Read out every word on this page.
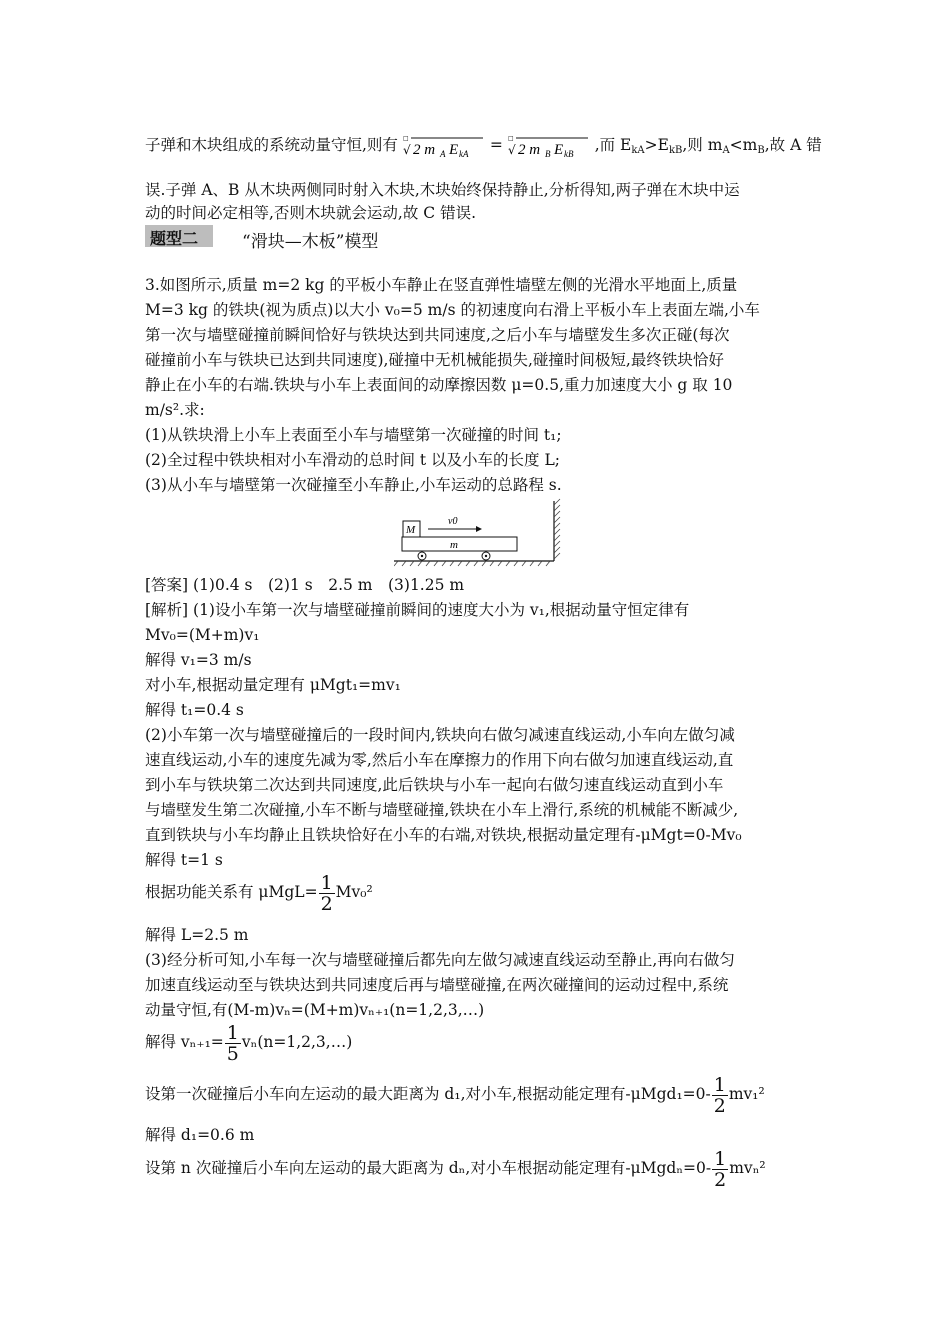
子弹和木块组成的系统动量守恒,则有 □
√ 2 m A E kA = □
√ 2 m B E kB ,而 $E_{kA}>E_{kB}$,则 $m_A<m_B$,故 A 错
误.子弹 A、B 从木块两侧同时射入木块,木块始终保持静止,分析得知,两子弹在木块中运
动的时间必定相等,否则木块就会运动,故 C 错误.
题型二	“滑块—木板”模型
3.如图所示,质量 m=2 kg 的平板小车静止在竖直弹性墙壁左侧的光滑水平地面上,质量
M=3 kg 的铁块(视为质点)以大小 v₀=5 m/s 的初速度向右滑上平板小车上表面左端,小车
第一次与墙壁碰撞前瞬间恰好与铁块达到共同速度,之后小车与墙壁发生多次正碰(每次
碰撞前小车与铁块已达到共同速度),碰撞中无机械能损失,碰撞时间极短,最终铁块恰好
静止在小车的右端.铁块与小车上表面间的动摩擦因数 μ=0.5,重力加速度大小 g 取 10
m/s².求:
(1)从铁块滑上小车上表面至小车与墙壁第一次碰撞的时间 t₁;
(2)全过程中铁块相对小车滑动的总时间 t 以及小车的长度 L;
(3)从小车与墙壁第一次碰撞至小车静止,小车运动的总路程 s.
m
M
v0
[答案] (1)0.4 s　(2)1 s　2.5 m　(3)1.25 m
[解析] (1)设小车第一次与墙壁碰撞前瞬间的速度大小为 v₁,根据动量守恒定律有
Mv₀=(M+m)v₁
解得 v₁=3 m/s
对小车,根据动量定理有 μMgt₁=mv₁
解得 t₁=0.4 s
(2)小车第一次与墙壁碰撞后的一段时间内,铁块向右做匀减速直线运动,小车向左做匀减
速直线运动,小车的速度先减为零,然后小车在摩擦力的作用下向右做匀加速直线运动,直
到小车与铁块第二次达到共同速度,此后铁块与小车一起向右做匀速直线运动直到小车
与墙壁发生第二次碰撞,小车不断与墙壁碰撞,铁块在小车上滑行,系统的机械能不断减少,
直到铁块与小车均静止且铁块恰好在小车的右端,对铁块,根据动量定理有-μMgt=0-Mv₀
解得 t=1 s
根据功能关系有 $\mu MgL= \frac{1}{2} Mv_0^2$
解得 L=2.5 m
(3)经分析可知,小车每一次与墙壁碰撞后都先向左做匀减速直线运动至静止,再向右做匀
加速直线运动至与铁块达到共同速度后再与墙壁碰撞,在两次碰撞间的运动过程中,系统
动量守恒,有(M-m)vₙ=(M+m)vₙ₊₁(n=1,2,3,…)
解得 $v_{n+1}= \frac{1}{5}$ vₙ(n=1,2,3,…)
设第一次碰撞后小车向左运动的最大距离为 d₁,对小车,根据动能定理有$-\mu Mgd_1=0- \frac{1}{2} mv_1^2$
解得 d₁=0.6 m
设第 n 次碰撞后小车向左运动的最大距离为 dₙ,对小车根据动能定理有$-\mu Mgd_n=0- \frac{1}{2} mv_n^2$
